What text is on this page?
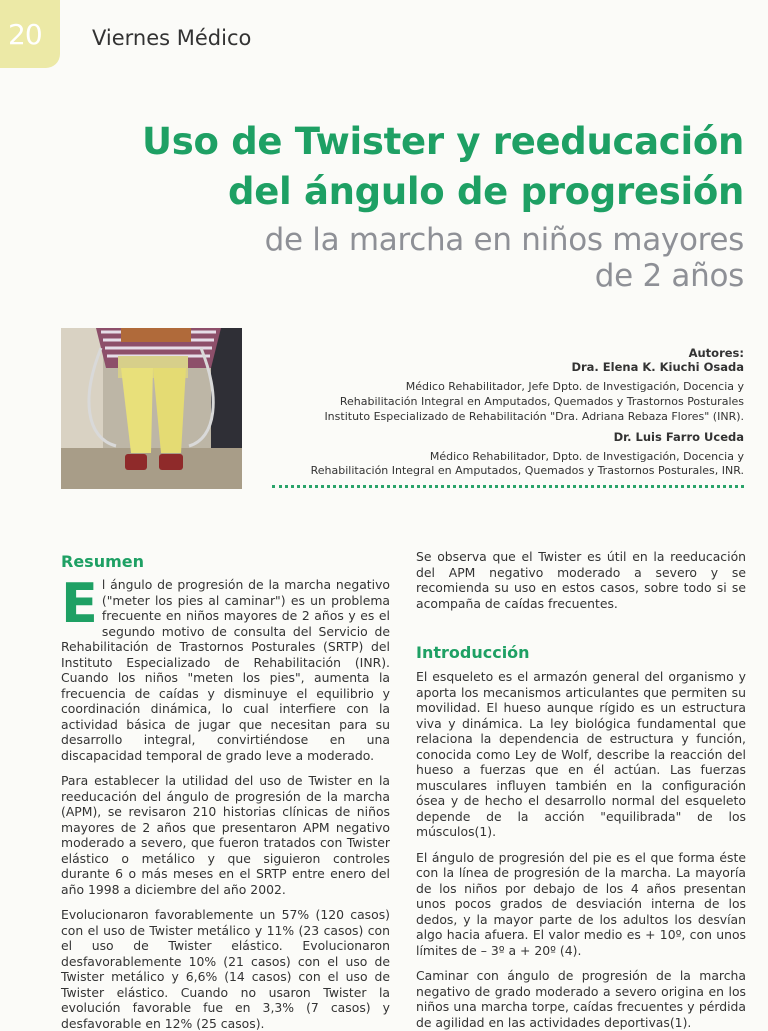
20 Viernes Médico
Uso de Twister y reeducación
del ángulo de progresión
de la marcha en niños mayores
de 2 años
Autores:
Dra. Elena K. Kiuchi Osada
Médico Rehabilitador, Jefe Dpto. de Investigación, Docencia y
Rehabilitación Integral en Amputados, Quemados y Trastornos Posturales
Instituto Especializado de Rehabilitación "Dra. Adriana Rebaza Flores" (INR).
Dr. Luis Farro Uceda
Médico Rehabilitador, Dpto. de Investigación, Docencia y
Rehabilitación Integral en Amputados, Quemados y Trastornos Posturales, INR.
Resumen

El ángulo de progresión de la marcha negativo ("meter los pies al caminar") es un problema frecuente en niños mayores de 2 años y es el segundo motivo de consulta del Servicio de Rehabilitación de Trastornos Posturales (SRTP) del Instituto Especializado de Rehabilitación (INR). Cuando los niños "meten los pies", aumenta la frecuencia de caídas y disminuye el equilibrio y coordinación dinámica, lo cual interfiere con la actividad básica de jugar que necesitan para su desarrollo integral, convirtiéndose en una discapacidad temporal de grado leve a moderado.

Para establecer la utilidad del uso de Twister en la reeducación del ángulo de progresión de la marcha (APM), se revisaron 210 historias clínicas de niños mayores de 2 años que presentaron APM negativo moderado a severo, que fueron tratados con Twister elástico o metálico y que siguieron controles durante 6 o más meses en el SRTP entre enero del año 1998 a diciembre del año 2002.

Evolucionaron favorablemente un 57% (120 casos) con el uso de Twister metálico y 11% (23 casos) con el uso de Twister elástico. Evolucionaron desfavorablemente 10% (21 casos) con el uso de Twister metálico y 6,6% (14 casos) con el uso de Twister elástico. Cuando no usaron Twister la evolución favorable fue en 3,3% (7 casos) y desfavorable en 12% (25 casos).

Se observa que el Twister es útil en la reeducación del APM negativo moderado a severo y se recomienda su uso en estos casos, sobre todo si se acompaña de caídas frecuentes.

Introducción

El esqueleto es el armazón general del organismo y aporta los mecanismos articulantes que permiten su movilidad. El hueso aunque rígido es un estructura viva y dinámica. La ley biológica fundamental que relaciona la dependencia de estructura y función, conocida como Ley de Wolf, describe la reacción del hueso a fuerzas que en él actúan. Las fuerzas musculares influyen también en la configuración ósea y de hecho el desarrollo normal del esqueleto depende de la acción "equilibrada" de los músculos(1).

El ángulo de progresión del pie es el que forma éste con la línea de progresión de la marcha. La mayoría de los niños por debajo de los 4 años presentan unos pocos grados de desviación interna de los dedos, y la mayor parte de los adultos los desvían algo hacia afuera. El valor medio es + 10º, con unos límites de – 3º a + 20º (4).

Caminar con ángulo de progresión de la marcha negativo de grado moderado a severo origina en los niños una marcha torpe, caídas frecuentes y pérdida de agilidad en las actividades deportivas(1).
